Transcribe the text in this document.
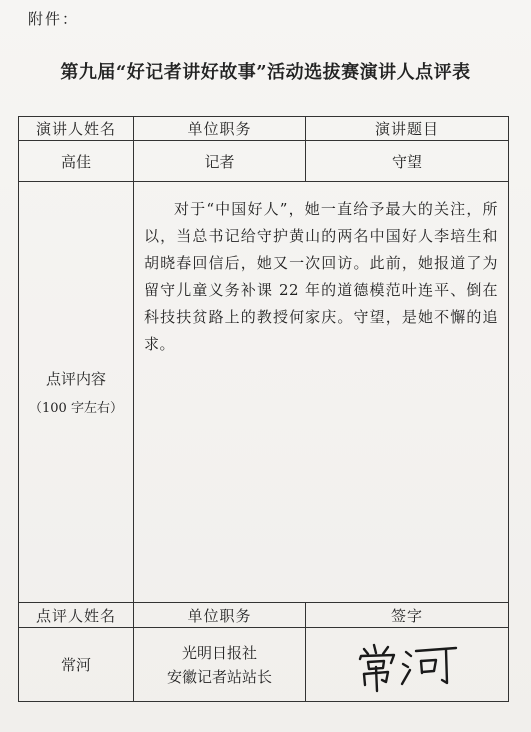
附件：
第九届“好记者讲好故事”活动选拔赛演讲人点评表
演讲人姓名	单位职务	演讲题目
高佳	记者	守望

点评内容
（100 字左右）	对于“中国好人”，她一直给予最大的关注，所以，当总书记给守护黄山的两名中国好人李培生和胡晓春回信后，她又一次回访。此前，她报道了为留守儿童义务补课 22 年的道德模范叶连平、倒在科技扶贫路上的教授何家庆。守望，是她不懈的追求。	

点评人姓名	单位职务	签字
常河	光明日报社
安徽记者站站长
